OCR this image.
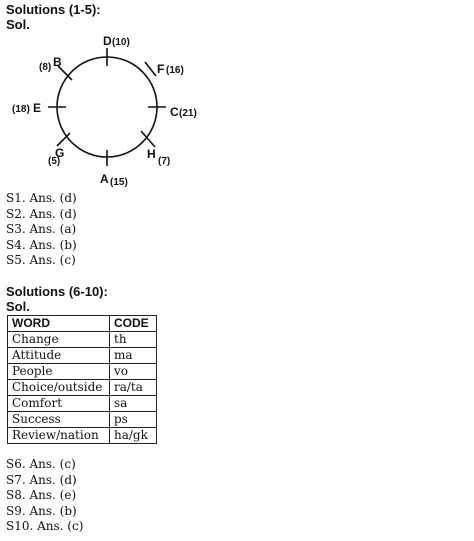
Solutions (1-5):
Sol.
D (10)
F (16)
C (21)
H
(7)
A (15)
G
(5)
(18) E
(8) B
S1. Ans. (d)
S2. Ans. (d)
S3. Ans. (a)
S4. Ans. (b)
S5. Ans. (c)
Solutions (6-10):
Sol.
WORD	CODE
Change	th
Attitude	ma
People	vo
Choice/outside	ra/ta
Comfort	sa
Success	ps
Review/nation	ha/gk
S6. Ans. (c)
S7. Ans. (d)
S8. Ans. (e)
S9. Ans. (b)
S10. Ans. (c)
